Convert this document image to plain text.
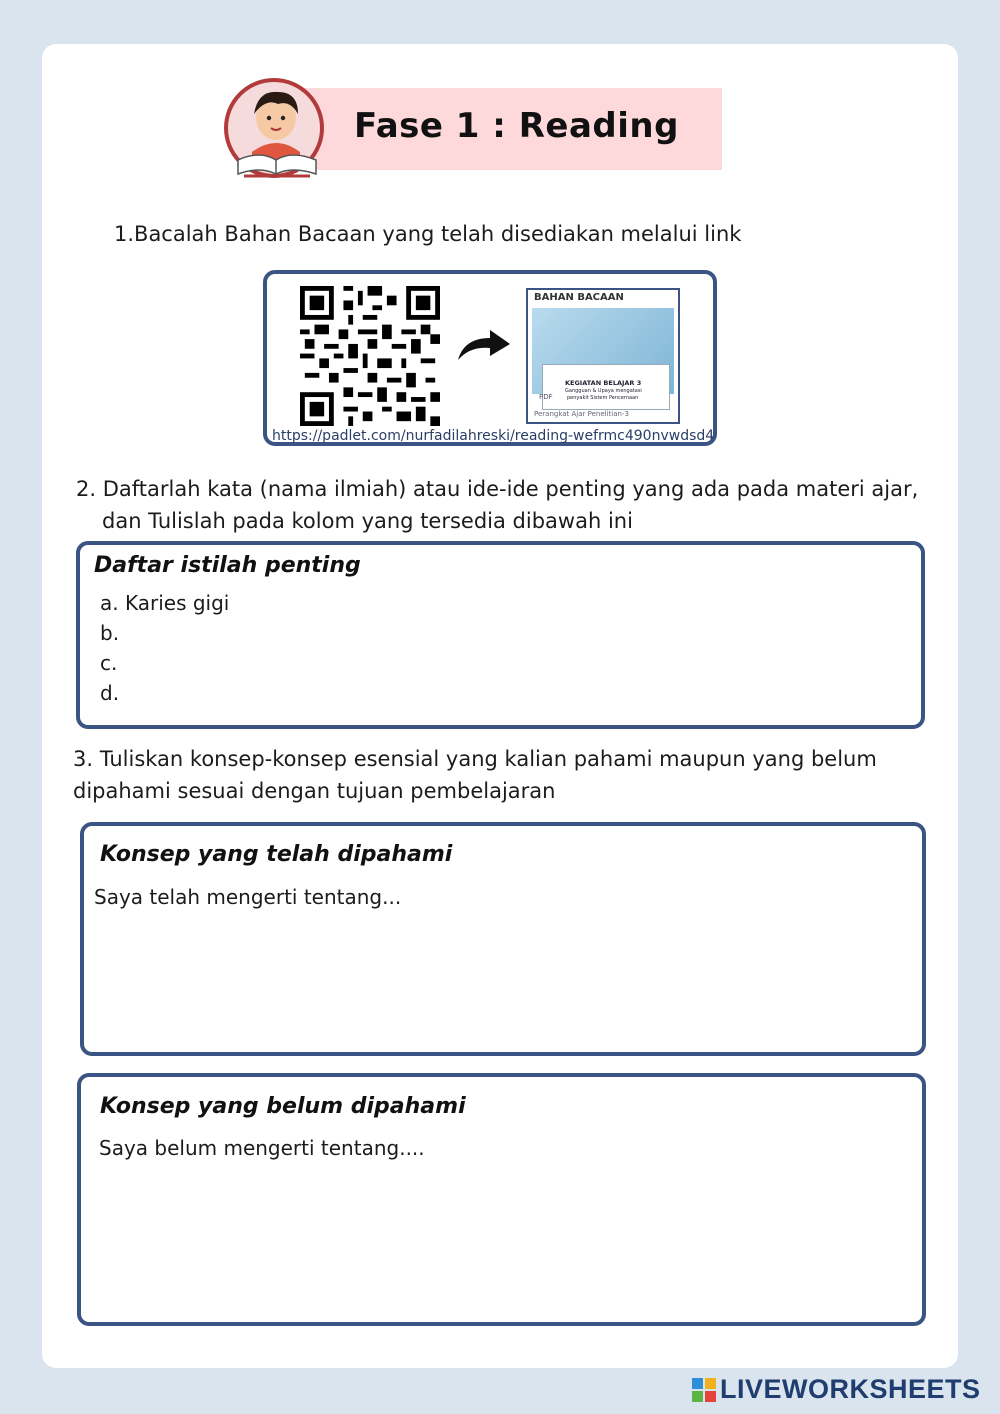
Fase 1 : Reading
1.Bacalah Bahan Bacaan yang telah disediakan melalui link
BAHAN BACAAN
KEGIATAN BELAJAR 3
Gangguan & Upaya mengatasi
penyakit Sistem Pencernaan
PDF
Perangkat Ajar Penelitian-3
https://padlet.com/nurfadilahreski/reading-wefrmc490nvwdsd4
2. Daftarlah kata (nama ilmiah) atau ide-ide penting yang ada pada materi ajar,
dan Tulislah pada kolom yang tersedia dibawah ini
Daftar istilah penting
a. Karies gigi
b.
c.
d.
3. Tuliskan konsep-konsep esensial yang kalian pahami maupun yang belum
dipahami sesuai dengan tujuan pembelajaran
Konsep yang telah dipahami
Saya telah mengerti tentang...
Konsep yang belum dipahami
Saya belum mengerti tentang....
LIVEWORKSHEETS
